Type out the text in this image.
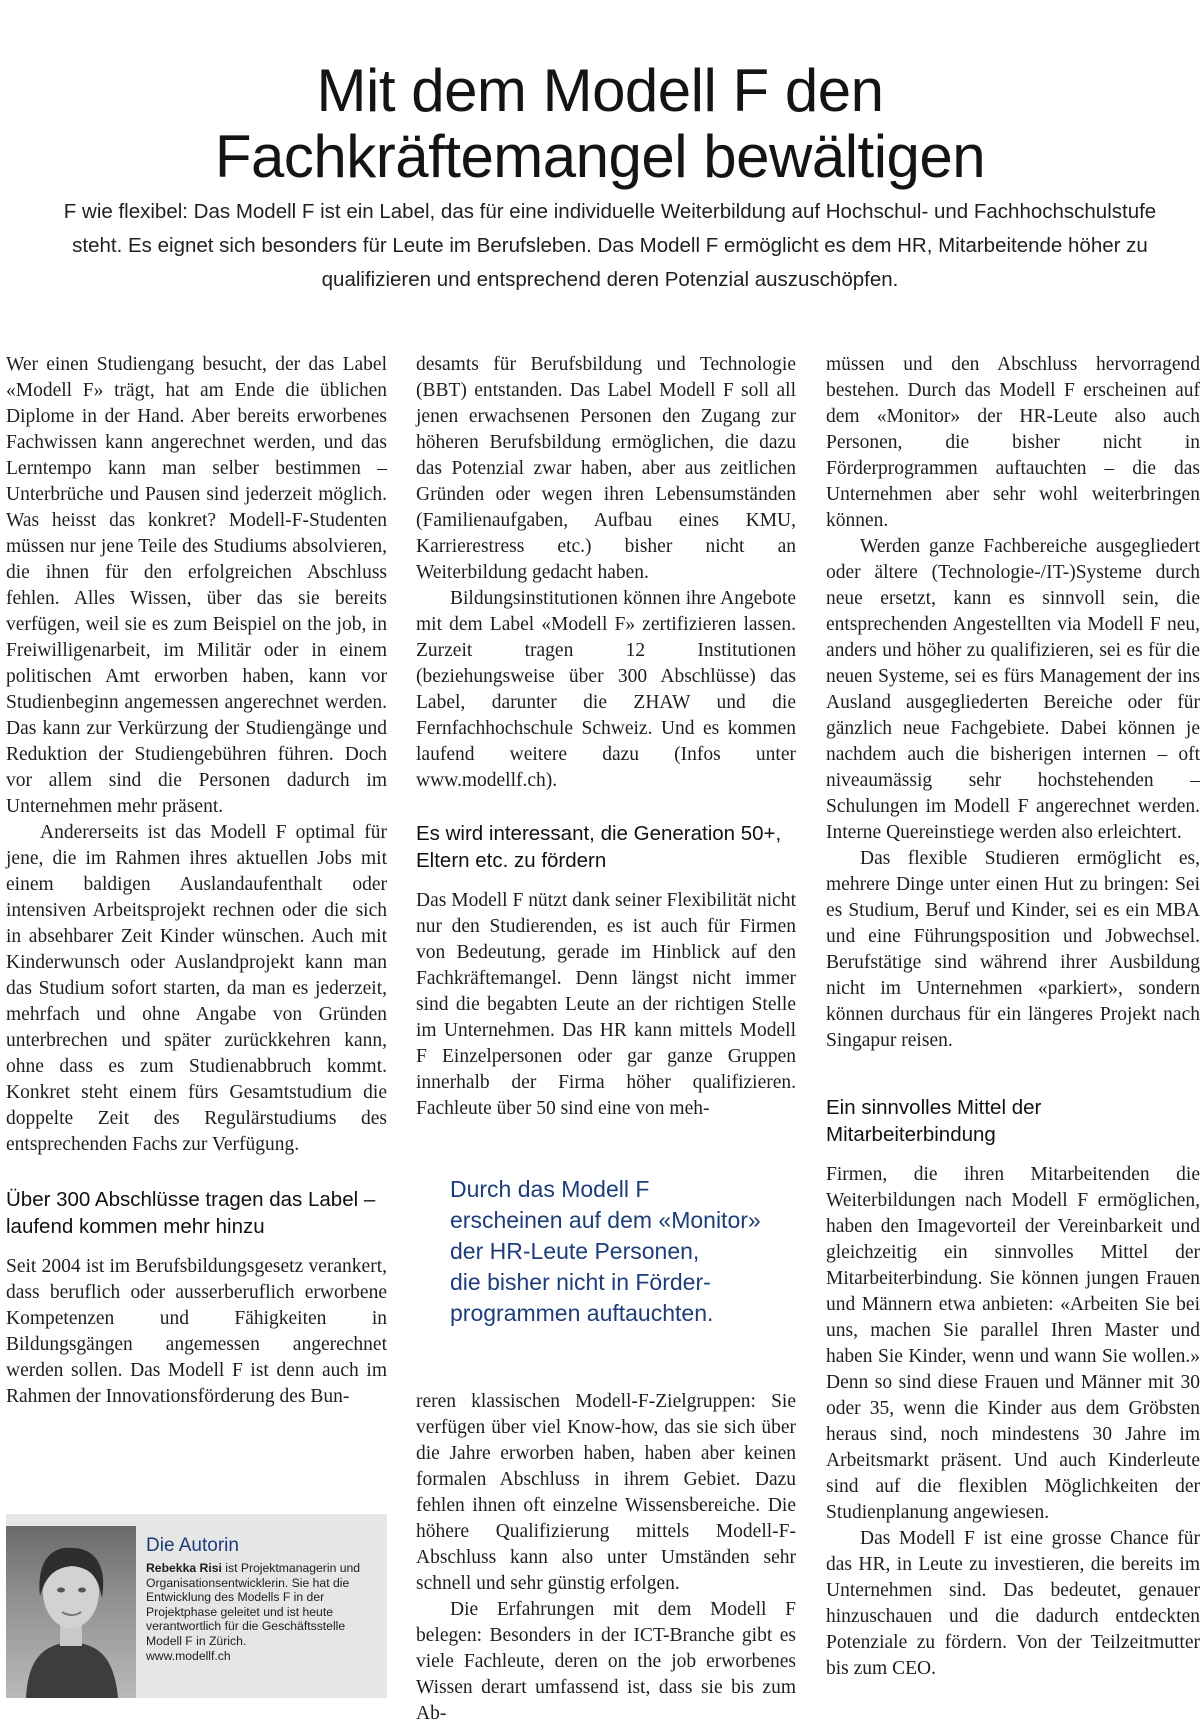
Mit dem Modell F den
Fachkräftemangel bewältigen

F wie flexibel: Das Modell F ist ein Label, das für eine individuelle Weiterbildung auf Hochschul- und Fachhochschulstufe steht. Es eignet sich besonders für Leute im Berufsleben. Das Modell F ermöglicht es dem HR, Mitarbeitende höher zu qualifizieren und entsprechend deren Potenzial auszuschöpfen.

Wer einen Studiengang besucht, der das Label «Modell F» trägt, hat am Ende die üblichen Diplome in der Hand. Aber bereits erworbenes Fachwissen kann angerechnet werden, und das Lerntempo kann man selber bestimmen – Unterbrüche und Pausen sind jederzeit möglich. Was heisst das konkret? Modell-F-Studenten müssen nur jene Teile des Studiums absolvieren, die ihnen für den erfolgreichen Abschluss fehlen. Alles Wissen, über das sie bereits verfügen, weil sie es zum Beispiel on the job, in Freiwilligenarbeit, im Militär oder in einem politischen Amt erworben haben, kann vor Studienbeginn angemessen angerechnet werden. Das kann zur Verkürzung der Studiengänge und Reduktion der Studiengebühren führen. Doch vor allem sind die Personen dadurch im Unternehmen mehr präsent.

Andererseits ist das Modell F optimal für jene, die im Rahmen ihres aktuellen Jobs mit einem baldigen Auslandaufenthalt oder intensiven Arbeitsprojekt rechnen oder die sich in absehbarer Zeit Kinder wünschen. Auch mit Kinderwunsch oder Auslandprojekt kann man das Studium sofort starten, da man es jederzeit, mehrfach und ohne Angabe von Gründen unterbrechen und später zurückkehren kann, ohne dass es zum Studienabbruch kommt. Konkret steht einem fürs Gesamtstudium die doppelte Zeit des Regulärstudiums des entsprechenden Fachs zur Verfügung.

Über 300 Abschlüsse tragen das Label – laufend kommen mehr hinzu

Seit 2004 ist im Berufsbildungsgesetz verankert, dass beruflich oder ausserberuflich erworbene Kompetenzen und Fähigkeiten in Bildungsgängen angemessen angerechnet werden sollen. Das Modell F ist denn auch im Rahmen der Innovationsförderung des Bun-

desamts für Berufsbildung und Technologie (BBT) entstanden. Das Label Modell F soll all jenen erwachsenen Personen den Zugang zur höheren Berufsbildung ermöglichen, die dazu das Potenzial zwar haben, aber aus zeitlichen Gründen oder wegen ihren Lebensumständen (Familienaufgaben, Aufbau eines KMU, Karrierestress etc.) bisher nicht an Weiterbildung gedacht haben.

Bildungsinstitutionen können ihre Angebote mit dem Label «Modell F» zertifizieren lassen. Zurzeit tragen 12 Institutionen (beziehungsweise über 300 Abschlüsse) das Label, darunter die ZHAW und die Fernfachhochschule Schweiz. Und es kommen laufend weitere dazu (Infos unter www.modellf.ch).

Es wird interessant, die Generation 50+, Eltern etc. zu fördern

Das Modell F nützt dank seiner Flexibilität nicht nur den Studierenden, es ist auch für Firmen von Bedeutung, gerade im Hinblick auf den Fachkräftemangel. Denn längst nicht immer sind die begabten Leute an der richtigen Stelle im Unternehmen. Das HR kann mittels Modell F Einzelpersonen oder gar ganze Gruppen innerhalb der Firma höher qualifizieren. Fachleute über 50 sind eine von meh-

Durch das Modell F
erscheinen auf dem «Monitor»
der HR-Leute Personen,
die bisher nicht in Förder-
programmen auftauchten.

reren klassischen Modell-F-Zielgruppen: Sie verfügen über viel Know-how, das sie sich über die Jahre erworben haben, haben aber keinen formalen Abschluss in ihrem Gebiet. Dazu fehlen ihnen oft einzelne Wissensbereiche. Die höhere Qualifizierung mittels Modell-F-Abschluss kann also unter Umständen sehr schnell und sehr günstig erfolgen.

Die Erfahrungen mit dem Modell F belegen: Besonders in der ICT-Branche gibt es viele Fachleute, deren on the job erworbenes Wissen derart umfassend ist, dass sie bis zum Ab-

müssen und den Abschluss hervorragend bestehen. Durch das Modell F erscheinen auf dem «Monitor» der HR-Leute also auch Personen, die bisher nicht in Förderprogrammen auftauchten – die das Unternehmen aber sehr wohl weiterbringen können.

Werden ganze Fachbereiche ausgegliedert oder ältere (Technologie-/IT-)Systeme durch neue ersetzt, kann es sinnvoll sein, die entsprechenden Angestellten via Modell F neu, anders und höher zu qualifizieren, sei es für die neuen Systeme, sei es fürs Management der ins Ausland ausgegliederten Bereiche oder für gänzlich neue Fachgebiete. Dabei können je nachdem auch die bisherigen internen – oft niveaumässig sehr hochstehenden – Schulungen im Modell F angerechnet werden. Interne Quereinstiege werden also erleichtert.

Das flexible Studieren ermöglicht es, mehrere Dinge unter einen Hut zu bringen: Sei es Studium, Beruf und Kinder, sei es ein MBA und eine Führungsposition und Jobwechsel. Berufstätige sind während ihrer Ausbildung nicht im Unternehmen «parkiert», sondern können durchaus für ein längeres Projekt nach Singapur reisen.

Ein sinnvolles Mittel der Mitarbeiterbindung

Firmen, die ihren Mitarbeitenden die Weiterbildungen nach Modell F ermöglichen, haben den Imagevorteil der Vereinbarkeit und gleichzeitig ein sinnvolles Mittel der Mitarbeiterbindung. Sie können jungen Frauen und Männern etwa anbieten: «Arbeiten Sie bei uns, machen Sie parallel Ihren Master und haben Sie Kinder, wenn und wann Sie wollen.» Denn so sind diese Frauen und Männer mit 30 oder 35, wenn die Kinder aus dem Gröbsten heraus sind, noch mindestens 30 Jahre im Arbeitsmarkt präsent. Und auch Kinderleute sind auf die flexiblen Möglichkeiten der Studienplanung angewiesen.

Das Modell F ist eine grosse Chance für das HR, in Leute zu investieren, die bereits im Unternehmen sind. Das bedeutet, genauer hinzuschauen und die dadurch entdeckten Potenziale zu fördern. Von der Teilzeitmutter bis zum CEO.

Die Autorin
Rebekka Risi ist Projektmanagerin und Organisationsentwicklerin. Sie hat die Entwicklung des Modells F in der Projektphase geleitet und ist heute verantwortlich für die Geschäftsstelle Modell F in Zürich.
www.modellf.ch
